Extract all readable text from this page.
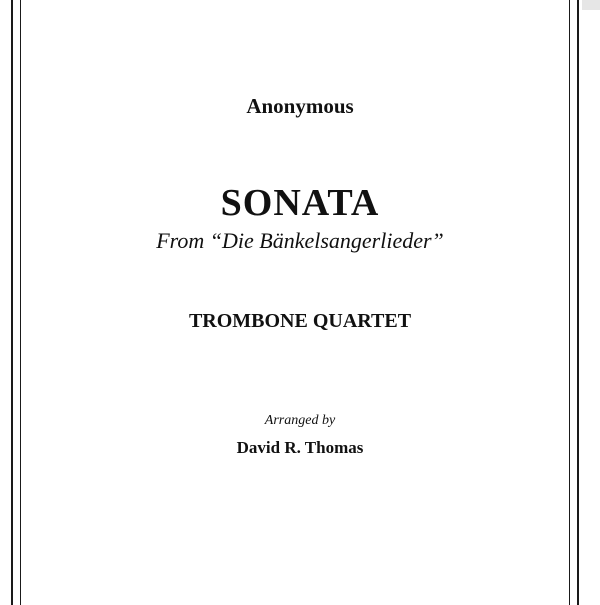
Anonymous
SONATA
From “Die Bänkelsangerlieder”
TROMBONE QUARTET
Arranged by
David R. Thomas
